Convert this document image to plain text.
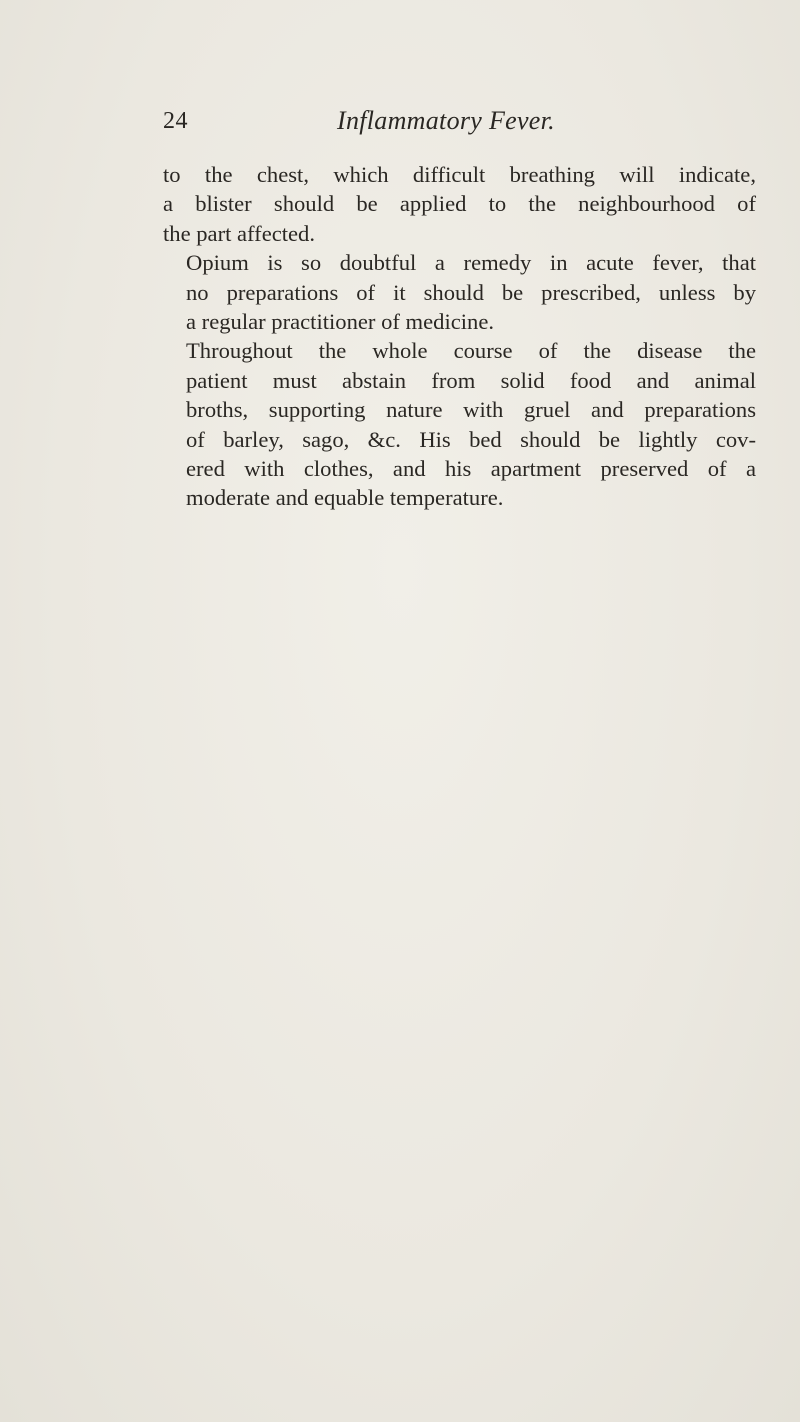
24	Inflammatory Fever.

to the chest, which difficult breathing will indicate,
a blister should be applied to the neighbourhood of
the part affected.

Opium is so doubtful a remedy in acute fever, that
no preparations of it should be prescribed, unless by
a regular practitioner of medicine.

Throughout the whole course of the disease the
patient must abstain from solid food and animal
broths, supporting nature with gruel and preparations
of barley, sago, &c. His bed should be lightly cov-
ered with clothes, and his apartment preserved of a
moderate and equable temperature.
